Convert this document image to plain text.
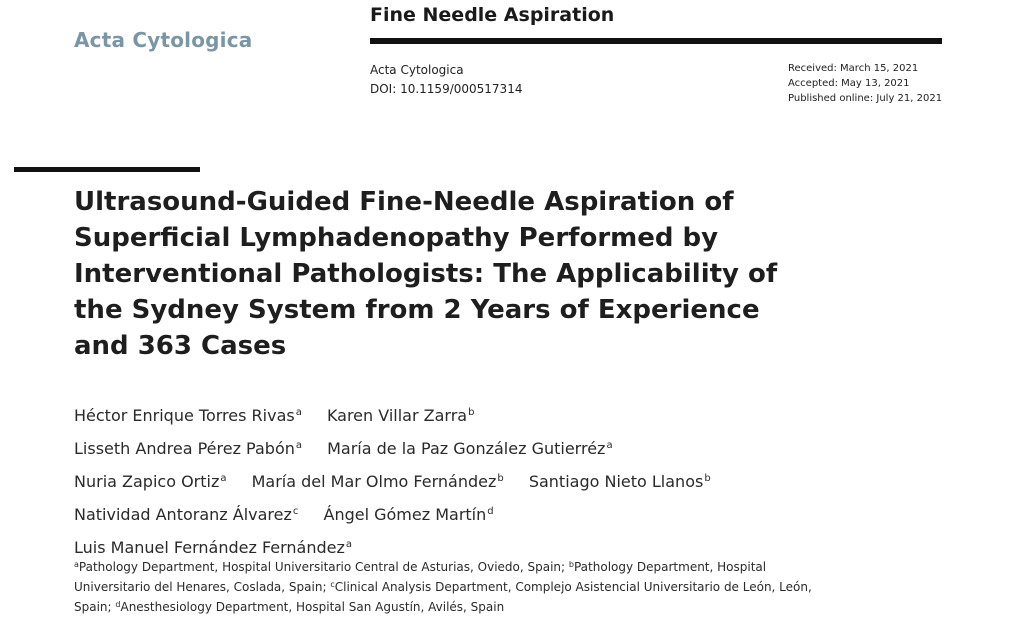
Acta Cytologica
Fine Needle Aspiration
Acta Cytologica
DOI: 10.1159/000517314
Received: March 15, 2021
Accepted: May 13, 2021
Published online: July 21, 2021
Ultrasound-Guided Fine-Needle Aspiration of
Superficial Lymphadenopathy Performed by
Interventional Pathologists: The Applicability of
the Sydney System from 2 Years of Experience
and 363 Cases
Héctor Enrique Torres Rivas$^a$ Karen Villar Zarra$^b$
Lisseth Andrea Pérez Pabón$^a$ María de la Paz González Gutierréz$^a$
Nuria Zapico Ortiz$^a$ María del Mar Olmo Fernández$^b$ Santiago Nieto Llanos$^b$
Natividad Antoranz Álvarez$^c$ Ángel Gómez Martín$^d$
Luis Manuel Fernández Fernández$^a$
$^a$Pathology Department, Hospital Universitario Central de Asturias, Oviedo, Spain; $^b$Pathology Department, Hospital Universitario del Henares, Coslada, Spain; $^c$Clinical Analysis Department, Complejo Asistencial Universitario de León, León, Spain; $^d$Anesthesiology Department, Hospital San Agustín, Avilés, Spain
